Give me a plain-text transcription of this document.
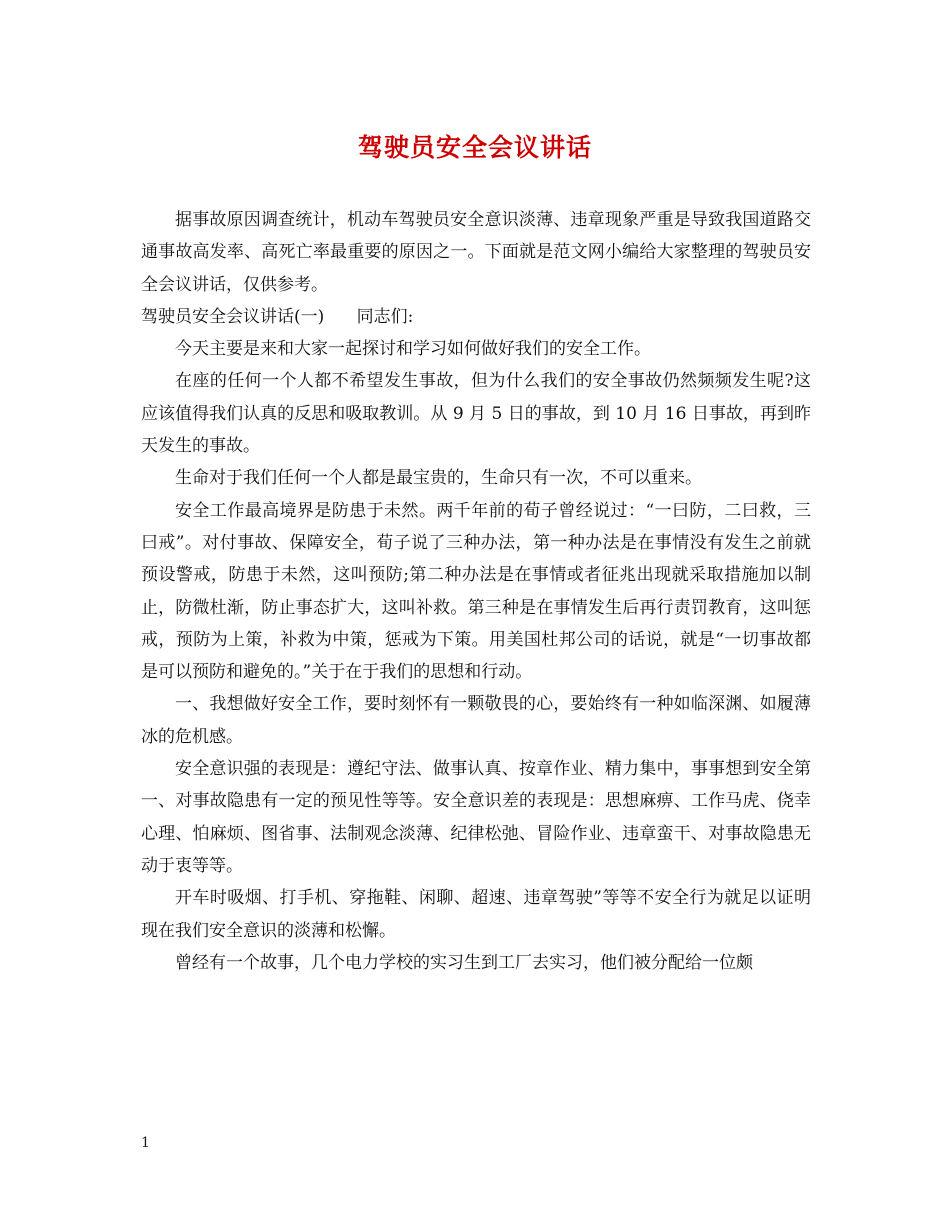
驾驶员安全会议讲话

据事故原因调查统计，机动车驾驶员安全意识淡薄、违章现象严重是导致我国道路交通事故高发率、高死亡率最重要的原因之一。下面就是范文网小编给大家整理的驾驶员安全会议讲话，仅供参考。

驾驶员安全会议讲话(一)      同志们:

今天主要是来和大家一起探讨和学习如何做好我们的安全工作。

在座的任何一个人都不希望发生事故，但为什么我们的安全事故仍然频频发生呢?这应该值得我们认真的反思和吸取教训。从 9 月 5 日的事故，到 10 月 16 日事故，再到昨天发生的事故。

生命对于我们任何一个人都是最宝贵的，生命只有一次，不可以重来。

安全工作最高境界是防患于未然。两千年前的荀子曾经说过：“一曰防，二曰救，三曰戒”。对付事故、保障安全，荀子说了三种办法，第一种办法是在事情没有发生之前就预设警戒，防患于未然，这叫预防;第二种办法是在事情或者征兆出现就采取措施加以制止，防微杜渐，防止事态扩大，这叫补救。第三种是在事情发生后再行责罚教育，这叫惩戒，预防为上策，补救为中策，惩戒为下策。用美国杜邦公司的话说，就是“一切事故都是可以预防和避免的。”关于在于我们的思想和行动。

一、我想做好安全工作，要时刻怀有一颗敬畏的心，要始终有一种如临深渊、如履薄冰的危机感。

安全意识强的表现是：遵纪守法、做事认真、按章作业、精力集中，事事想到安全第一、对事故隐患有一定的预见性等等。安全意识差的表现是：思想麻痹、工作马虎、侥幸心理、怕麻烦、图省事、法制观念淡薄、纪律松弛、冒险作业、违章蛮干、对事故隐患无动于衷等等。

开车时吸烟、打手机、穿拖鞋、闲聊、超速、违章驾驶”等等不安全行为就足以证明现在我们安全意识的淡薄和松懈。

曾经有一个故事，几个电力学校的实习生到工厂去实习，他们被分配给一位颇

1
